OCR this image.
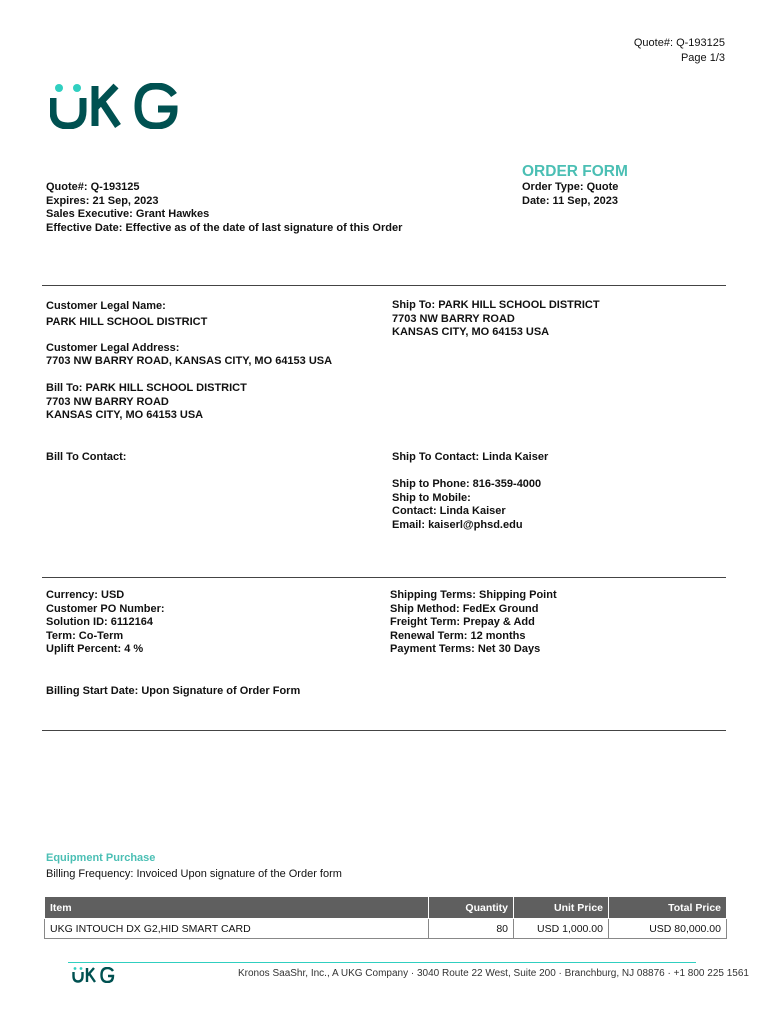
Quote#: Q-193125
Page 1/3
ORDER FORM
Quote#: Q-193125
Expires: 21 Sep, 2023
Sales Executive: Grant Hawkes
Effective Date: Effective as of the date of last signature of this Order
Order Type: Quote
Date: 11 Sep, 2023
Customer Legal Name:
PARK HILL SCHOOL DISTRICT
Customer Legal Address:
7703 NW BARRY ROAD, KANSAS CITY, MO 64153 USA
Bill To: PARK HILL SCHOOL DISTRICT
7703 NW BARRY ROAD
KANSAS CITY, MO 64153 USA
Bill To Contact:
Ship To: PARK HILL SCHOOL DISTRICT
7703 NW BARRY ROAD
KANSAS CITY, MO 64153 USA
Ship To Contact: Linda Kaiser
Ship to Phone: 816-359-4000
Ship to Mobile:
Contact: Linda Kaiser
Email: kaiserl@phsd.edu
Currency: USD
Customer PO Number:
Solution ID: 6112164
Term: Co-Term
Uplift Percent: 4 %
Shipping Terms: Shipping Point
Ship Method: FedEx Ground
Freight Term: Prepay & Add
Renewal Term: 12 months
Payment Terms: Net 30 Days
Billing Start Date: Upon Signature of Order Form
Equipment Purchase
Billing Frequency: Invoiced Upon signature of the Order form
Item	Quantity	Unit Price	Total Price
UKG INTOUCH DX G2,HID SMART CARD	80	USD 1,000.00	USD 80,000.00
Kronos SaaShr, Inc., A UKG Company · 3040 Route 22 West, Suite 200 · Branchburg, NJ 08876 · +1 800 225 1561
